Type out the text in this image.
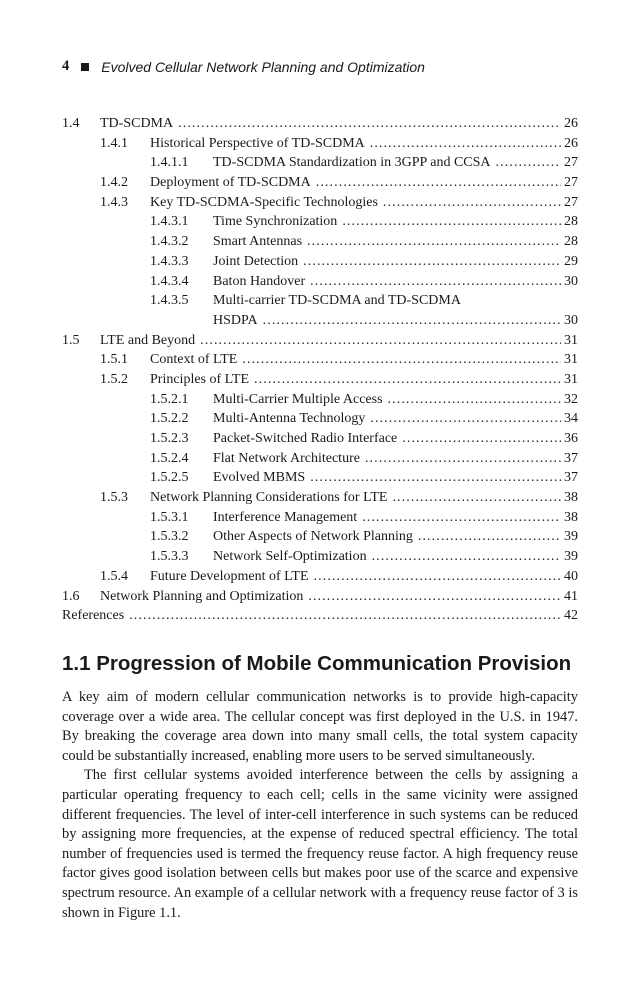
4 Evolved Cellular Network Planning and Optimization
1.4	TD-SCDMA . . .	26
1.4.1	Historical Perspective of TD-SCDMA . . .	26
1.4.1.1	TD-SCDMA Standardization in 3GPP and CCSA . . .	27
1.4.2	Deployment of TD-SCDMA . . .	27
1.4.3	Key TD-SCDMA-Specific Technologies . . .	27
1.4.3.1	Time Synchronization . . .	28
1.4.3.2	Smart Antennas . . .	28
1.4.3.3	Joint Detection . . .	29
1.4.3.4	Baton Handover . . .	30
1.4.3.5	Multi-carrier TD-SCDMA and TD-SCDMA
HSDPA . . .	30
1.5	LTE and Beyond . . .	31
1.5.1	Context of LTE . . .	31
1.5.2	Principles of LTE . . .	31
1.5.2.1	Multi-Carrier Multiple Access . . .	32
1.5.2.2	Multi-Antenna Technology . . .	34
1.5.2.3	Packet-Switched Radio Interface . . .	36
1.5.2.4	Flat Network Architecture . . .	37
1.5.2.5	Evolved MBMS . . .	37
1.5.3	Network Planning Considerations for LTE . . .	38
1.5.3.1	Interference Management . . .	38
1.5.3.2	Other Aspects of Network Planning . . .	39
1.5.3.3	Network Self-Optimization . . .	39
1.5.4	Future Development of LTE . . .	40
1.6	Network Planning and Optimization . . .	41
References . . .	42
1.1 Progression of Mobile Communication Provision

A key aim of modern cellular communication networks is to provide high-capacity coverage over a wide area. The cellular concept was first deployed in the U.S. in 1947. By breaking the coverage area down into many small cells, the total system capacity could be substantially increased, enabling more users to be served simultaneously.

The first cellular systems avoided interference between the cells by assigning a particular operating frequency to each cell; cells in the same vicinity were assigned different frequencies. The level of inter-cell interference in such systems can be reduced by assigning more frequencies, at the expense of reduced spectral efficiency. The total number of frequencies used is termed the frequency reuse factor. A high frequency reuse factor gives good isolation between cells but makes poor use of the scarce and expensive spectrum resource. An example of a cellular network with a frequency reuse factor of 3 is shown in Figure 1.1.
